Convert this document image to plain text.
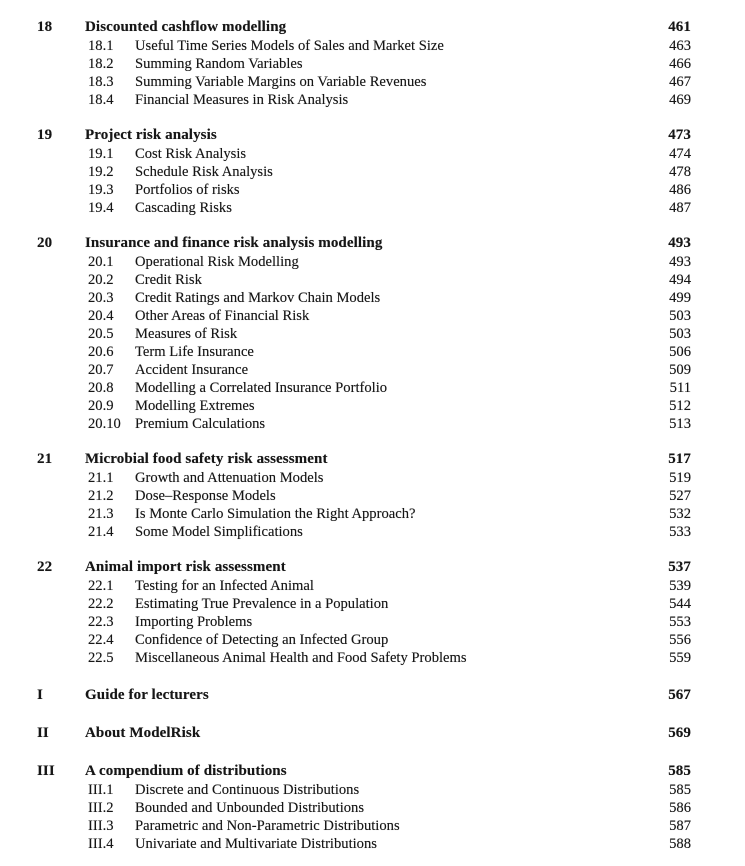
18	Discounted cashflow modelling	461
18.1	Useful Time Series Models of Sales and Market Size	463
18.2	Summing Random Variables	466
18.3	Summing Variable Margins on Variable Revenues	467
18.4	Financial Measures in Risk Analysis	469
19	Project risk analysis	473
19.1	Cost Risk Analysis	474
19.2	Schedule Risk Analysis	478
19.3	Portfolios of risks	486
19.4	Cascading Risks	487
20	Insurance and finance risk analysis modelling	493
20.1	Operational Risk Modelling	493
20.2	Credit Risk	494
20.3	Credit Ratings and Markov Chain Models	499
20.4	Other Areas of Financial Risk	503
20.5	Measures of Risk	503
20.6	Term Life Insurance	506
20.7	Accident Insurance	509
20.8	Modelling a Correlated Insurance Portfolio	511
20.9	Modelling Extremes	512
20.10 Premium Calculations	513
21	Microbial food safety risk assessment	517
21.1	Growth and Attenuation Models	519
21.2	Dose–Response Models	527
21.3	Is Monte Carlo Simulation the Right Approach?	532
21.4	Some Model Simplifications	533
22	Animal import risk assessment	537
22.1	Testing for an Infected Animal	539
22.2	Estimating True Prevalence in a Population	544
22.3	Importing Problems	553
22.4	Confidence of Detecting an Infected Group	556
22.5	Miscellaneous Animal Health and Food Safety Problems	559
I	Guide for lecturers	567
II	About ModelRisk	569
III	A compendium of distributions	585
III.1	Discrete and Continuous Distributions	585
III.2	Bounded and Unbounded Distributions	586
III.3	Parametric and Non-Parametric Distributions	587
III.4	Univariate and Multivariate Distributions	588
